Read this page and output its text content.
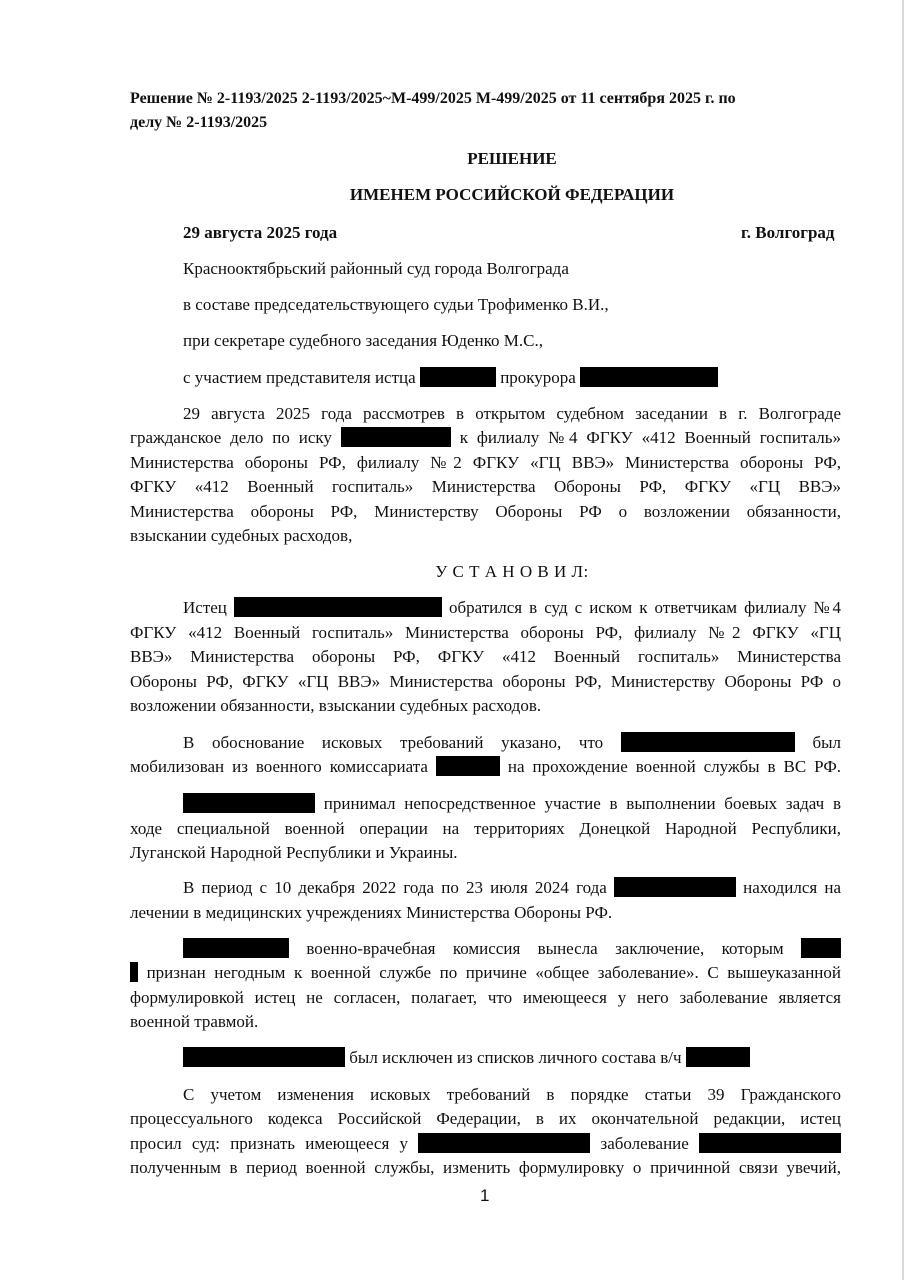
Решение № 2-1193/2025 2-1193/2025~М-499/2025 М-499/2025 от 11 сентября 2025 г. по
делу № 2-1193/2025
РЕШЕНИЕ
ИМЕНЕМ РОССИЙСКОЙ ФЕДЕРАЦИИ
29 августа 2025 года	г. Волгоград
Краснооктябрьский районный суд города Волгограда
в составе председательствующего судьи Трофименко В.И.,
при секретаре судебного заседания Юденко М.С.,
с участием представителя истца	прокурора
29 августа 2025 года рассмотрев в открытом судебном заседании в г. Волгограде
гражданское дело по иску	к филиалу №4 ФГКУ «412 Военный госпиталь»
Министерства обороны РФ, филиалу №2 ФГКУ «ГЦ ВВЭ» Министерства обороны РФ,
ФГКУ «412 Военный госпиталь» Министерства Обороны РФ, ФГКУ «ГЦ ВВЭ»
Министерства обороны РФ, Министерству Обороны РФ о возложении обязанности,
взыскании судебных расходов,
У С Т А Н О В И Л:
Истец	обратился в суд с иском к ответчикам филиалу №4
ФГКУ «412 Военный госпиталь» Министерства обороны РФ, филиалу №2 ФГКУ «ГЦ
ВВЭ» Министерства обороны РФ, ФГКУ «412 Военный госпиталь» Министерства
Обороны РФ, ФГКУ «ГЦ ВВЭ» Министерства обороны РФ, Министерству Обороны РФ о
возложении обязанности, взыскании судебных расходов.
В обоснование исковых требований указано, что	был
мобилизован из военного комиссариата	на прохождение военной службы в ВС РФ.
принимал непосредственное участие в выполнении боевых задач в
ходе специальной военной операции на территориях Донецкой Народной Республики,
Луганской Народной Республики и Украины.
В период с 10 декабря 2022 года по 23 июля 2024 года	находился на
лечении в медицинских учреждениях Министерства Обороны РФ.
военно-врачебная комиссия вынесла заключение, которым
признан негодным к военной службе по причине «общее заболевание». С вышеуказанной
формулировкой истец не согласен, полагает, что имеющееся у него заболевание является
военной травмой.
был исключен из списков личного состава в/ч
С учетом изменения исковых требований в порядке статьи 39 Гражданского
процессуального кодекса Российской Федерации, в их окончательной редакции, истец
просил суд: признать имеющееся у	заболевание
полученным в период военной службы, изменить формулировку о причинной связи увечий,
1
